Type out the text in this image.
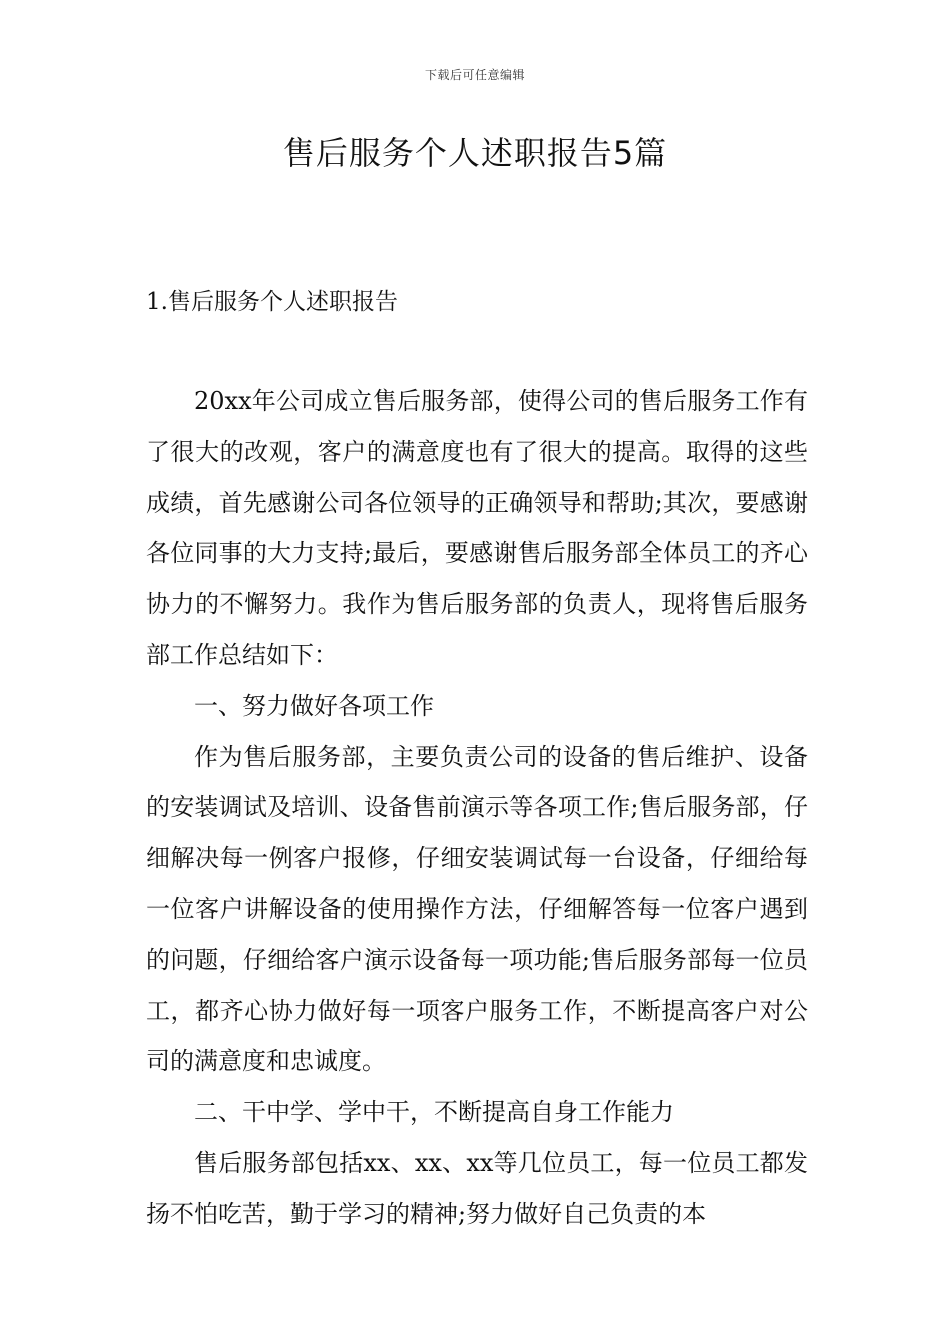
下载后可任意编辑
售后服务个人述职报告5篇
1.售后服务个人述职报告

20xx年公司成立售后服务部，使得公司的售后服务工作有了很大的改观，客户的满意度也有了很大的提高。取得的这些成绩，首先感谢公司各位领导的正确领导和帮助;其次，要感谢各位同事的大力支持;最后，要感谢售后服务部全体员工的齐心协力的不懈努力。我作为售后服务部的负责人，现将售后服务部工作总结如下：

一、努力做好各项工作

作为售后服务部，主要负责公司的设备的售后维护、设备的安装调试及培训、设备售前演示等各项工作;售后服务部，仔细解决每一例客户报修，仔细安装调试每一台设备，仔细给每一位客户讲解设备的使用操作方法，仔细解答每一位客户遇到的问题，仔细给客户演示设备每一项功能;售后服务部每一位员工，都齐心协力做好每一项客户服务工作，不断提高客户对公司的满意度和忠诚度。

二、干中学、学中干，不断提高自身工作能力

售后服务部包括xx、xx、xx等几位员工，每一位员工都发扬不怕吃苦，勤于学习的精神;努力做好自己负责的本
